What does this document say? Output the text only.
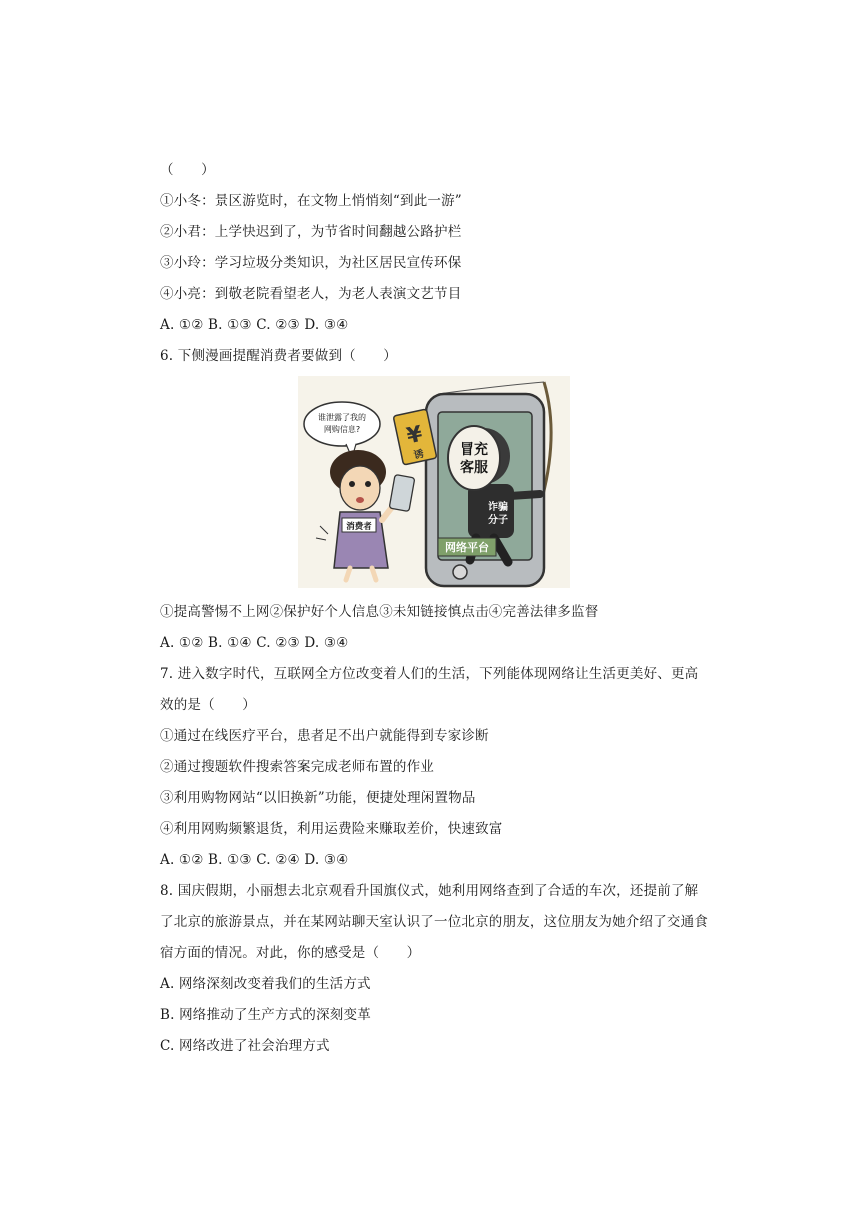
（　　）
①小冬：景区游览时，在文物上悄悄刻“到此一游”
②小君：上学快迟到了，为节省时间翻越公路护栏
③小玲：学习垃圾分类知识，为社区居民宣传环保
④小亮：到敬老院看望老人，为老人表演文艺节目
A. ①② B. ①③ C. ②③ D. ③④
6. 下侧漫画提醒消费者要做到（　　）
冒充
客服
诈骗
分子
网络平台
¥
诱
谁泄露了我的
网购信息?
消费者
①提高警惕不上网②保护好个人信息③未知链接慎点击④完善法律多监督
A. ①② B. ①④ C. ②③ D. ③④
7. 进入数字时代，互联网全方位改变着人们的生活，下列能体现网络让生活更美好、更高
效的是（　　）
①通过在线医疗平台，患者足不出户就能得到专家诊断
②通过搜题软件搜索答案完成老师布置的作业
③利用购物网站“以旧换新”功能，便捷处理闲置物品
④利用网购频繁退货，利用运费险来赚取差价，快速致富
A. ①② B. ①③ C. ②④ D. ③④
8. 国庆假期，小丽想去北京观看升国旗仪式，她利用网络查到了合适的车次，还提前了解
了北京的旅游景点，并在某网站聊天室认识了一位北京的朋友，这位朋友为她介绍了交通食
宿方面的情况。对此，你的感受是（　　）
A. 网络深刻改变着我们的生活方式
B. 网络推动了生产方式的深刻变革
C. 网络改进了社会治理方式
